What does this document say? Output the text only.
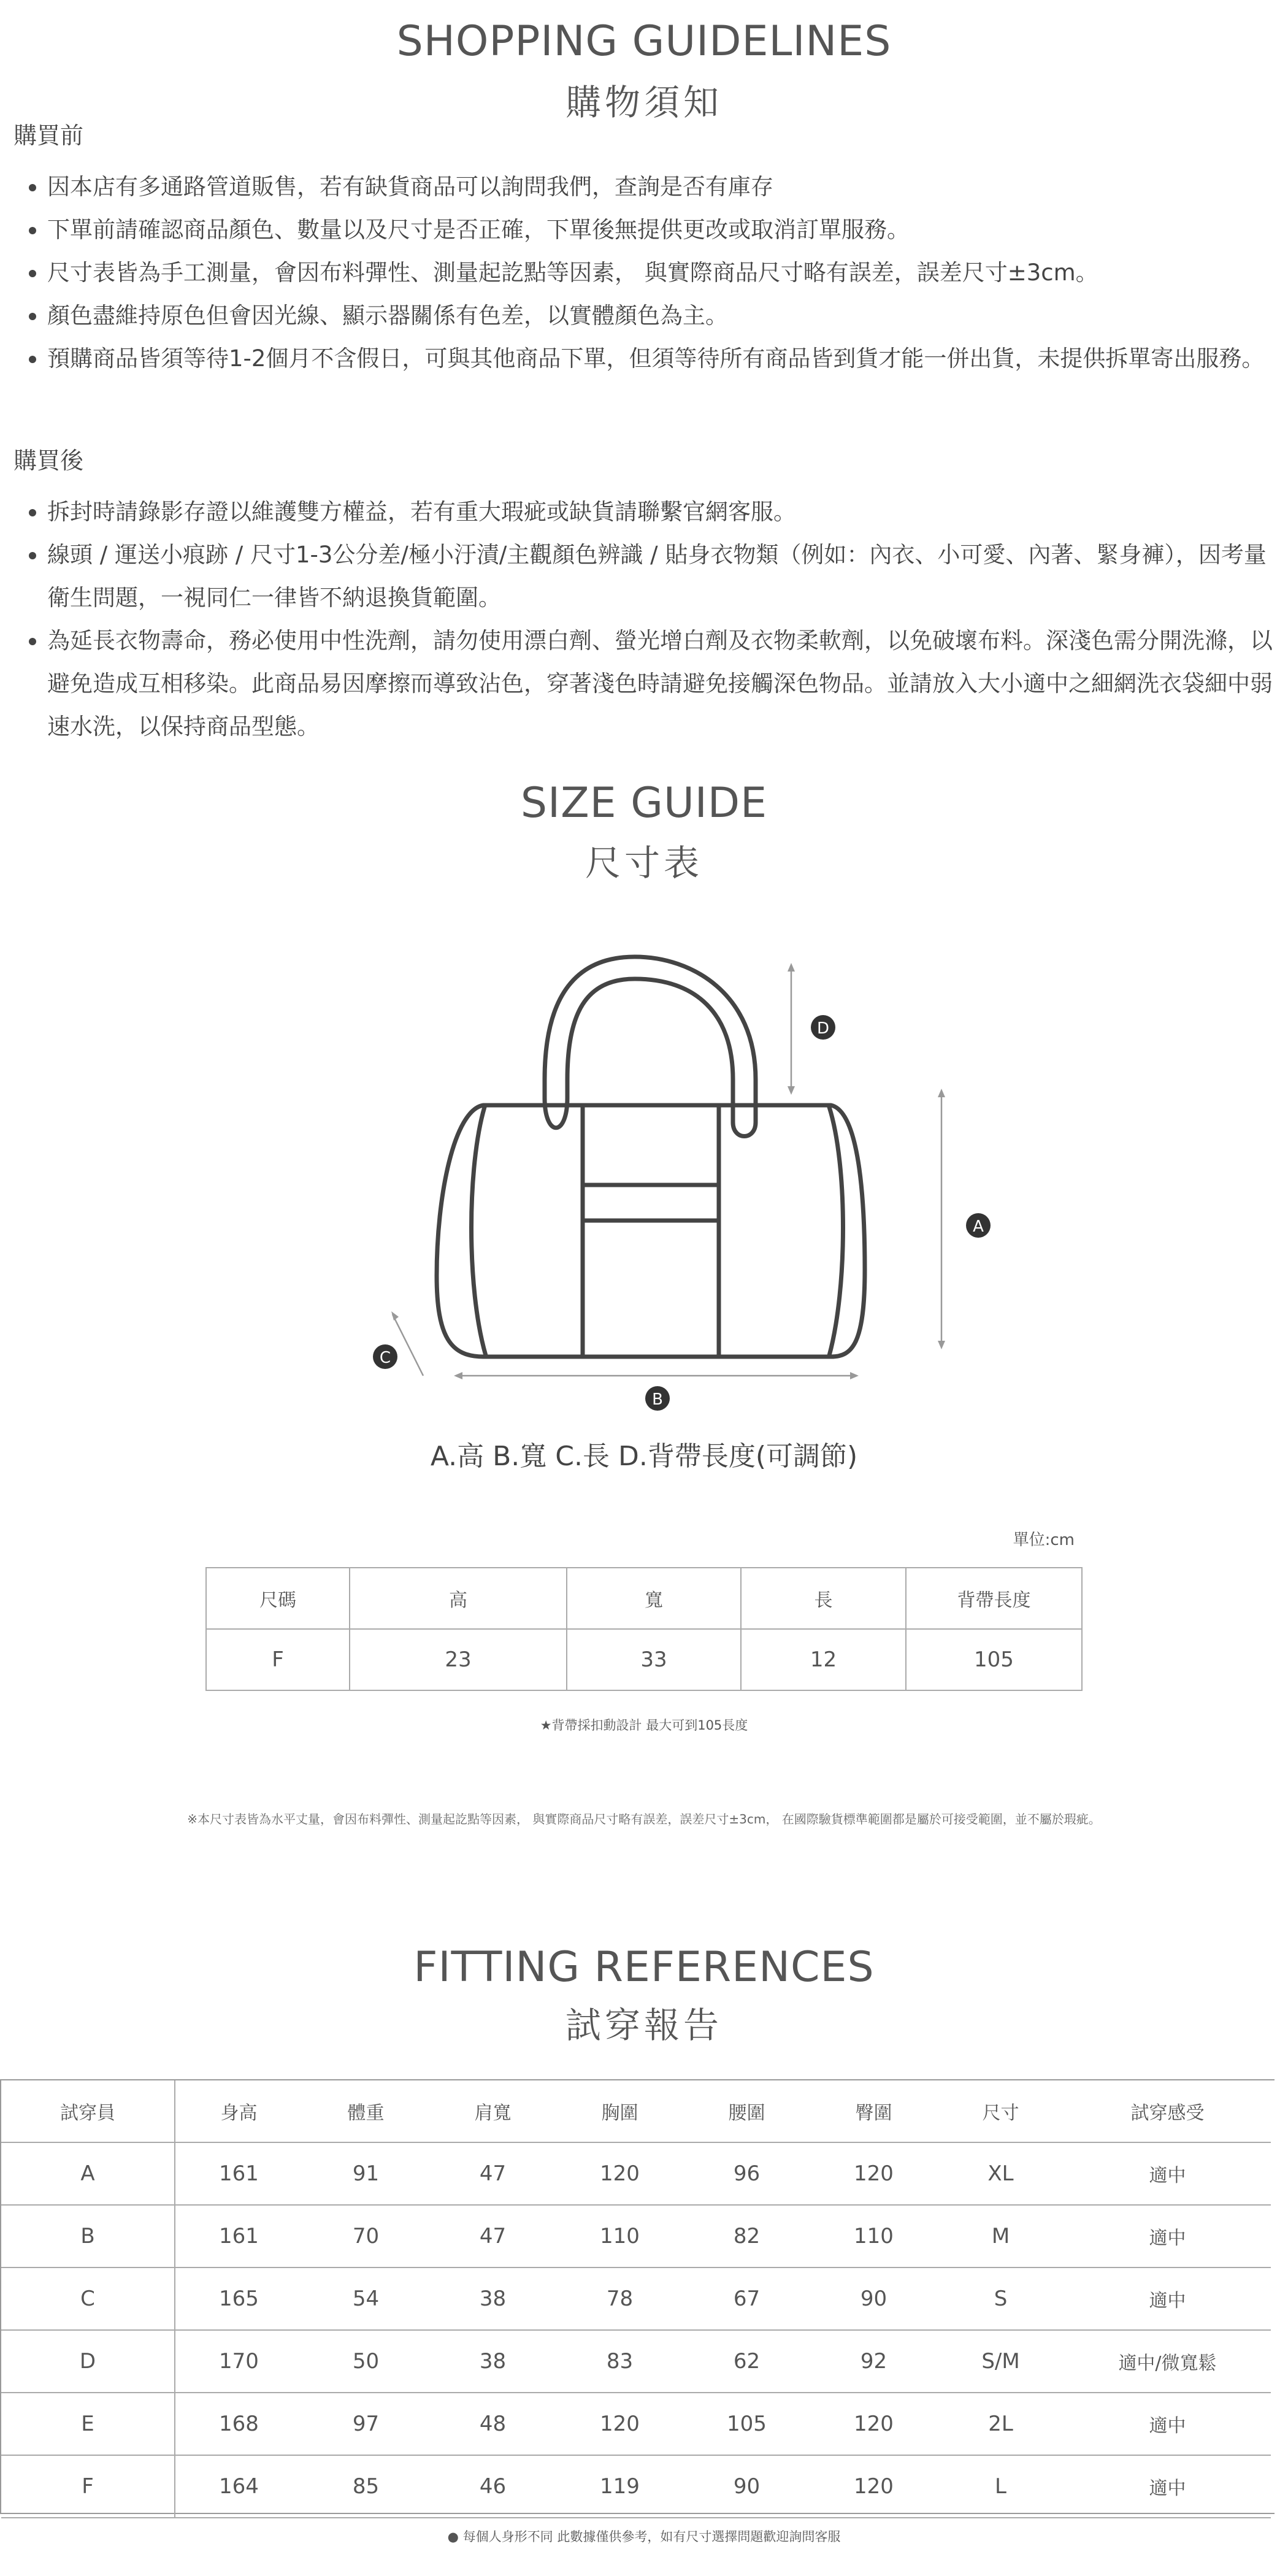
SHOPPING GUIDELINES
購物須知
購買前
因本店有多通路管道販售，若有缺貨商品可以詢問我們，查詢是否有庫存
下單前請確認商品顏色、數量以及尺寸是否正確，下單後無提供更改或取消訂單服務。
尺寸表皆為手工測量，會因布料彈性、測量起訖點等因素， 與實際商品尺寸略有誤差，誤差尺寸±3cm。
顏色盡維持原色但會因光線、顯示器關係有色差，以實體顏色為主。
預購商品皆須等待1-2個月不含假日，可與其他商品下單，但須等待所有商品皆到貨才能一併出貨，未提供拆單寄出服務。
購買後
拆封時請錄影存證以維護雙方權益，若有重大瑕疵或缺貨請聯繫官網客服。
線頭 / 運送小痕跡 / 尺寸1-3公分差/極小汙漬/主觀顏色辨識 / 貼身衣物類（例如：內衣、小可愛、內著、緊身褲），因考量衛生問題，一視同仁一律皆不納退換貨範圍。
為延長衣物壽命，務必使用中性洗劑，請勿使用漂白劑、螢光增白劑及衣物柔軟劑，以免破壞布料。深淺色需分開洗滌，以避免造成互相移染。此商品易因摩擦而導致沾色，穿著淺色時請避免接觸深色物品。並請放入大小適中之細網洗衣袋細中弱速水洗，以保持商品型態。
SIZE GUIDE
尺寸表
D
A
C
B
A.高 B.寬 C.長 D.背帶長度(可調節)
單位:cm
尺碼	高	寬	長	背帶長度
F	23	33	12	105
★背帶採扣動設計 最大可到105長度
※本尺寸表皆為水平丈量，會因布料彈性、測量起訖點等因素， 與實際商品尺寸略有誤差，誤差尺寸±3cm， 在國際驗貨標準範圍都是屬於可接受範圍，並不屬於瑕疵。
FITTING REFERENCES
試穿報告
試穿員	身高	體重	肩寬	胸圍	腰圍	臀圍	尺寸	試穿感受
A	161	91	47	120	96	120	XL	適中
B	161	70	47	110	82	110	M	適中
C	165	54	38	78	67	90	S	適中
D	170	50	38	83	62	92	S/M	適中/微寬鬆
E	168	97	48	120	105	120	2L	適中
F	164	85	46	119	90	120	L	適中
● 每個人身形不同 此數據僅供參考，如有尺寸選擇問題歡迎詢問客服
